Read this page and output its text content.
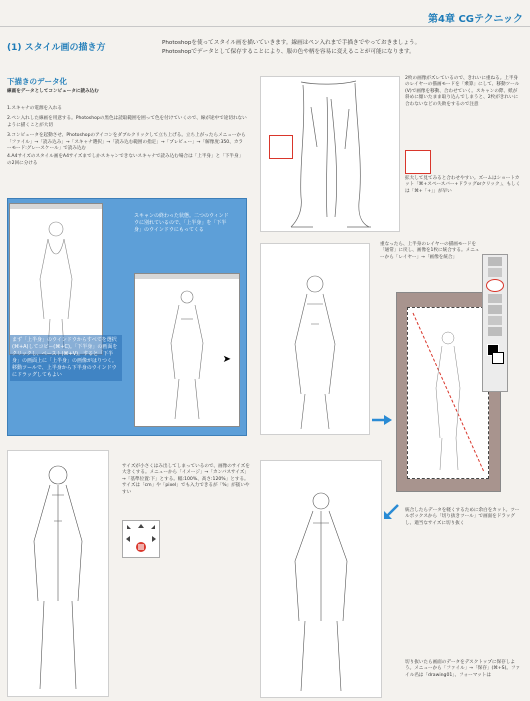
第4章 CGテクニック
(1) スタイル画の描き方	Photoshopを使ってスタイル画を描いていきます。線画はペン入れまで手描きでやっておきましょう。
Photoshopでデータとして保存することにより、服の色や柄を容易に変えることが可能になります。
下描きのデータ化
線画をデータとしてコンピュータに読み込む
1.スキャナの電源を入れる
2.ペン入れした線画を用意する。Photoshopの黒色は読取範囲を囲って色を付けていくので、線が途中で途切れないように描くことが大切
3.コンピュータを起動させ、Photoshopのアイコンをダブルクリックして立ち上げる。立ち上がったらメニューから「ファイル」→「読み込み」→「スキャナ選択」→「読み込む範囲の指定」→「プレビュー」→「解像度:350、カラーモード:グレースケール」で読み込む
4.A4サイズのスタイル画をA4サイズまでしかスキャンできないスキャナで読み込む場合は「上半身」と「下半身」の2回に分ける
2枚の画像がズレているので、きれいに重ねる。上半身のレイヤーの描画モードを「乗算」にして、移動ツール(V)で画像を移動、合わせていく。スキャンの際、紙が斜めに傾いたまま取り込んでしまうと、2枚がきれいに合わないなどの失敗をするので注意
拡大して見てみると合わせやすい。ズームはショートカット「⌘+スペースバー+ドラッグorクリック」、もしくは「⌘+「+」」が早い
スキャンの終わった状態。二つのウィンドウに別れているので、「上半身」を「下半身」のウインドウにもってくる
➤
まず「上半身」のウインドウからすべてを選択(⌘+A)してコピー(⌘+C)。「下半身」の画面をクリックし、ペースト(⌘+V)。すると「下半身」の画面上に「上半身」の画像がはりつく。移動ツールで、上半身から下半身のウインドウにドラッグしてもよい
重なったら、上半身のレイヤーの描画モードを「通常」に戻し、画像を1枚に統合する。メニューから「レイヤー」→「画像を統合」
サイズが小さくはみ出してしまっているので、画像のサイズを大きくする。メニューから「イメージ」→「カンバスサイズ」→「基準位置:下」とする。幅:100%、高さ:120%」とする。サイズは「cm」や「pixel」でも入力できるが「%」が扱いやすい
統合したらデータを軽くするために余白をカット。ツールボックスから「切り抜きツール」で画面をドラッグし、適当なサイズに切り抜く
切り抜いたら画面のデータをデスクトップに保存しよう。メニューから「ファイル」→「保存」(⌘+S)。ファイル名は「drawing01」、フォーマットは
